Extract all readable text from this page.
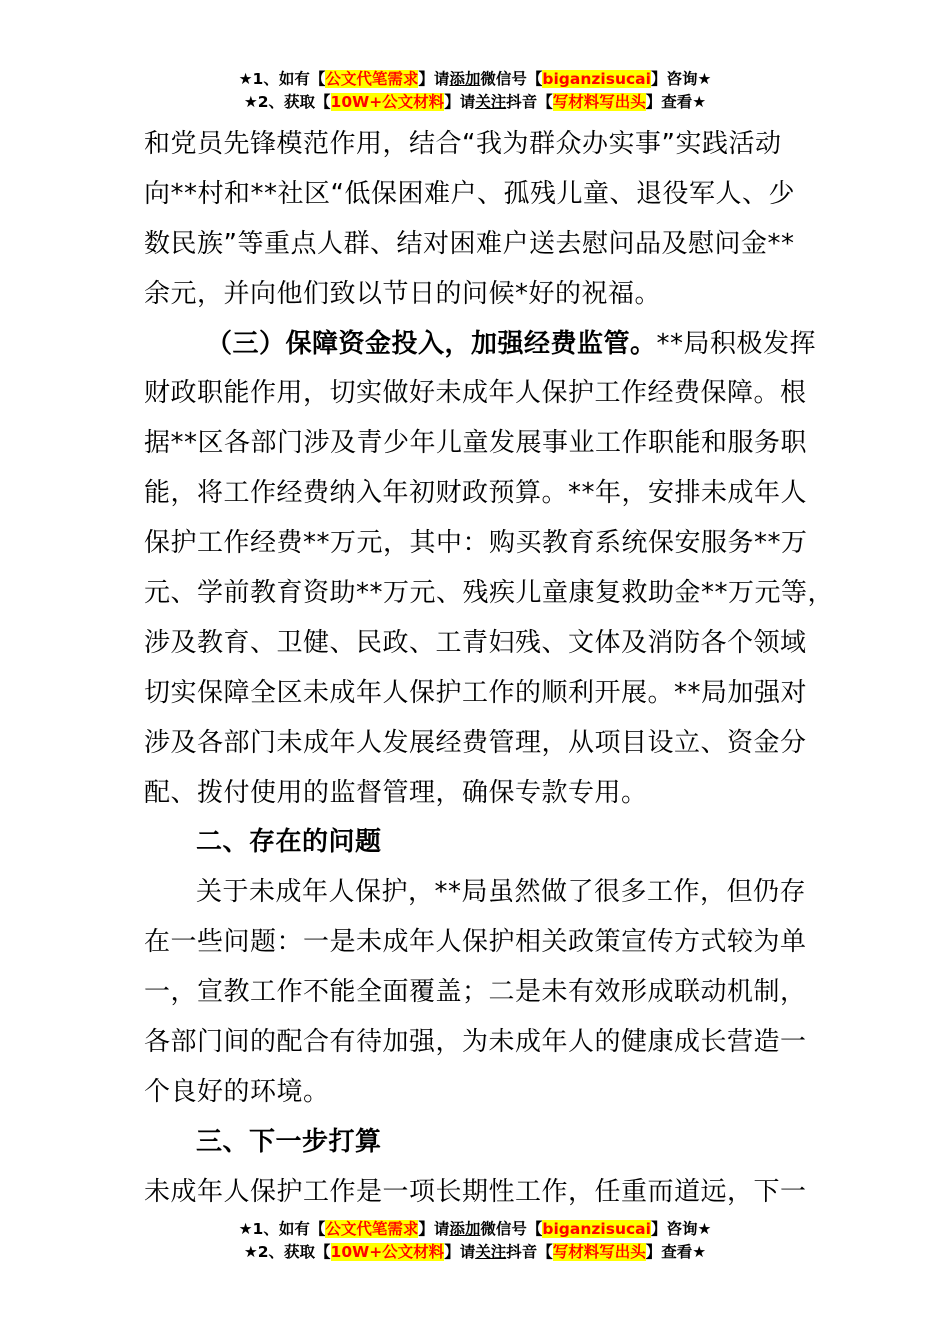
★1、如有【公文代笔需求】请添加微信号【biganzisucai】咨询★
★2、获取【10W+公文材料】请关注抖音【写材料写出头】查看★
和党员先锋模范作用，结合“我为群众办实事”实践活动
向**村和**社区“低保困难户、孤残儿童、退役军人、少
数民族”等重点人群、结对困难户送去慰问品及慰问金**
余元，并向他们致以节日的问候*好的祝福。
（三）保障资金投入，加强经费监管。**局积极发挥
财政职能作用，切实做好未成年人保护工作经费保障。根
据**区各部门涉及青少年儿童发展事业工作职能和服务职
能，将工作经费纳入年初财政预算。**年，安排未成年人
保护工作经费**万元，其中：购买教育系统保安服务**万
元、学前教育资助**万元、残疾儿童康复救助金**万元等，
涉及教育、卫健、民政、工青妇残、文体及消防各个领域
切实保障全区未成年人保护工作的顺利开展。**局加强对
涉及各部门未成年人发展经费管理，从项目设立、资金分
配、拨付使用的监督管理，确保专款专用。
二、存在的问题
关于未成年人保护，**局虽然做了很多工作，但仍存
在一些问题：一是未成年人保护相关政策宣传方式较为单
一，宣教工作不能全面覆盖；二是未有效形成联动机制，
各部门间的配合有待加强，为未成年人的健康成长营造一
个良好的环境。
三、下一步打算
未成年人保护工作是一项长期性工作，任重而道远，下一
★1、如有【公文代笔需求】请添加微信号【biganzisucai】咨询★
★2、获取【10W+公文材料】请关注抖音【写材料写出头】查看★
